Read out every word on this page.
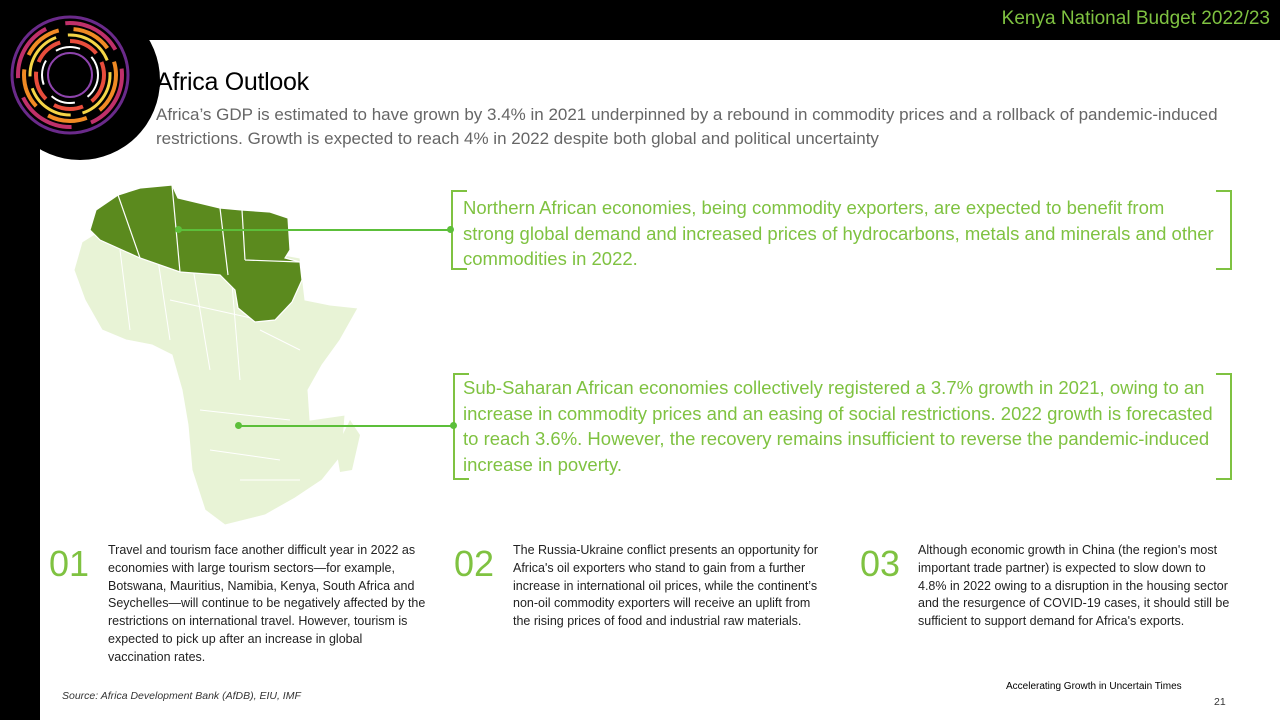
Kenya National Budget 2022/23
Africa Outlook
Africa’s GDP is estimated to have grown by 3.4% in 2021 underpinned by a rebound in commodity prices and a rollback of pandemic-induced restrictions. Growth is expected to reach 4% in 2022 despite both global and political uncertainty
Northern African economies, being commodity exporters, are expected to benefit from strong global demand and increased prices of hydrocarbons, metals and minerals and other commodities in 2022.
Sub-Saharan African economies collectively registered a 3.7% growth in 2021, owing to an increase in commodity prices and an easing of social restrictions. 2022 growth is forecasted to reach 3.6%. However, the recovery remains insufficient to reverse the pandemic-induced increase in poverty.
01 Travel and tourism face another difficult year in 2022 as economies with large tourism sectors—for example, Botswana, Mauritius, Namibia, Kenya, South Africa and Seychelles—will continue to be negatively affected by the restrictions on international travel. However, tourism is expected to pick up after an increase in global vaccination rates.
02 The Russia-Ukraine conflict presents an opportunity for Africa's oil exporters who stand to gain from a further increase in international oil prices, while the continent’s non-oil commodity exporters will receive an uplift from the rising prices of food and industrial raw materials.
03 Although economic growth in China (the region's most important trade partner) is expected to slow down to 4.8% in 2022 owing to a disruption in the housing sector and the resurgence of COVID-19 cases, it should still be sufficient to support demand for Africa's exports.
Source: Africa Development Bank (AfDB), EIU, IMF
Accelerating Growth in Uncertain Times
21
